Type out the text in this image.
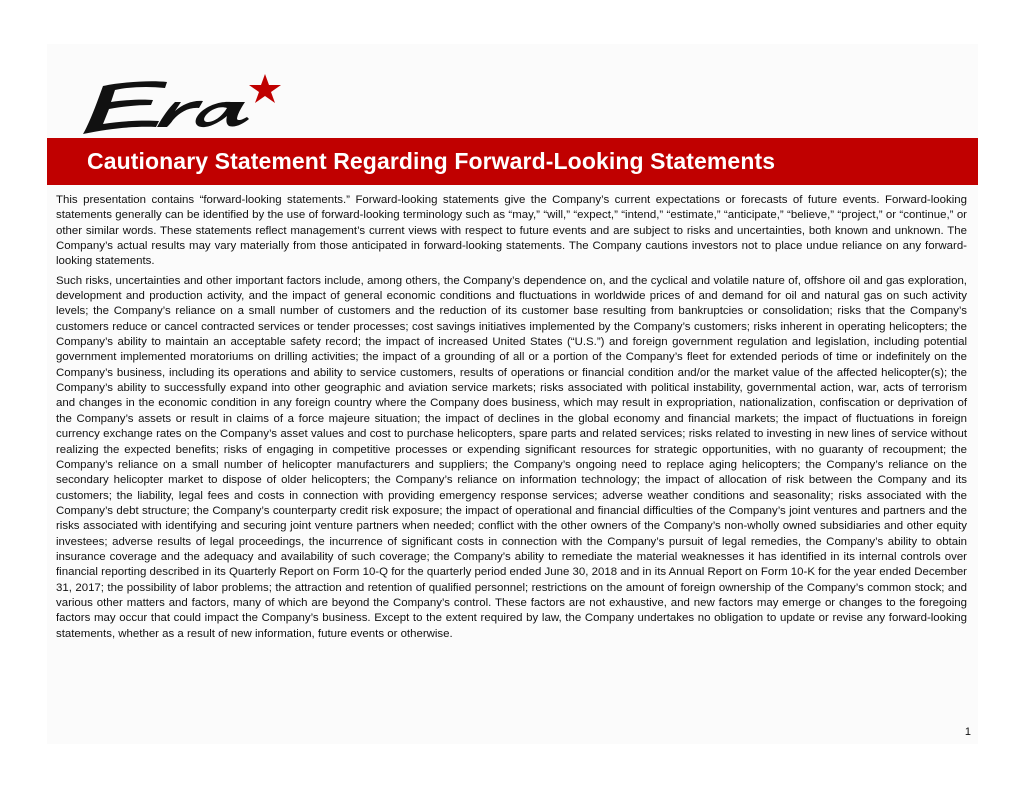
Cautionary Statement Regarding Forward-Looking Statements

This presentation contains “forward-looking statements.” Forward-looking statements give the Company’s current expectations or forecasts of future events. Forward-looking statements generally can be identified by the use of forward-looking terminology such as “may,” “will,” “expect,” “intend,” “estimate,” “anticipate,” “believe,” “project,” or “continue,” or other similar words. These statements reflect management’s current views with respect to future events and are subject to risks and uncertainties, both known and unknown. The Company’s actual results may vary materially from those anticipated in forward-looking statements. The Company cautions investors not to place undue reliance on any forward-looking statements.

Such risks, uncertainties and other important factors include, among others, the Company’s dependence on, and the cyclical and volatile nature of, offshore oil and gas exploration, development and production activity, and the impact of general economic conditions and fluctuations in worldwide prices of and demand for oil and natural gas on such activity levels; the Company’s reliance on a small number of customers and the reduction of its customer base resulting from bankruptcies or consolidation; risks that the Company’s customers reduce or cancel contracted services or tender processes; cost savings initiatives implemented by the Company’s customers; risks inherent in operating helicopters; the Company’s ability to maintain an acceptable safety record; the impact of increased United States (“U.S.”) and foreign government regulation and legislation, including potential government implemented moratoriums on drilling activities; the impact of a grounding of all or a portion of the Company’s fleet for extended periods of time or indefinitely on the Company’s business, including its operations and ability to service customers, results of operations or financial condition and/or the market value of the affected helicopter(s); the Company’s ability to successfully expand into other geographic and aviation service markets; risks associated with political instability, governmental action, war, acts of terrorism and changes in the economic condition in any foreign country where the Company does business, which may result in expropriation, nationalization, confiscation or deprivation of the Company’s assets or result in claims of a force majeure situation; the impact of declines in the global economy and financial markets; the impact of fluctuations in foreign currency exchange rates on the Company’s asset values and cost to purchase helicopters, spare parts and related services; risks related to investing in new lines of service without realizing the expected benefits; risks of engaging in competitive processes or expending significant resources for strategic opportunities, with no guaranty of recoupment; the Company’s reliance on a small number of helicopter manufacturers and suppliers; the Company’s ongoing need to replace aging helicopters; the Company’s reliance on the secondary helicopter market to dispose of older helicopters; the Company’s reliance on information technology; the impact of allocation of risk between the Company and its customers; the liability, legal fees and costs in connection with providing emergency response services; adverse weather conditions and seasonality; risks associated with the Company’s debt structure; the Company’s counterparty credit risk exposure; the impact of operational and financial difficulties of the Company’s joint ventures and partners and the risks associated with identifying and securing joint venture partners when needed; conflict with the other owners of the Company’s non-wholly owned subsidiaries and other equity investees; adverse results of legal proceedings, the incurrence of significant costs in connection with the Company’s pursuit of legal remedies, the Company’s ability to obtain insurance coverage and the adequacy and availability of such coverage; the Company’s ability to remediate the material weaknesses it has identified in its internal controls over financial reporting described in its Quarterly Report on Form 10-Q for the quarterly period ended June 30, 2018 and in its Annual Report on Form 10-K for the year ended December 31, 2017; the possibility of labor problems; the attraction and retention of qualified personnel; restrictions on the amount of foreign ownership of the Company’s common stock; and various other matters and factors, many of which are beyond the Company’s control. These factors are not exhaustive, and new factors may emerge or changes to the foregoing factors may occur that could impact the Company’s business. Except to the extent required by law, the Company undertakes no obligation to update or revise any forward-looking statements, whether as a result of new information, future events or otherwise.

1
